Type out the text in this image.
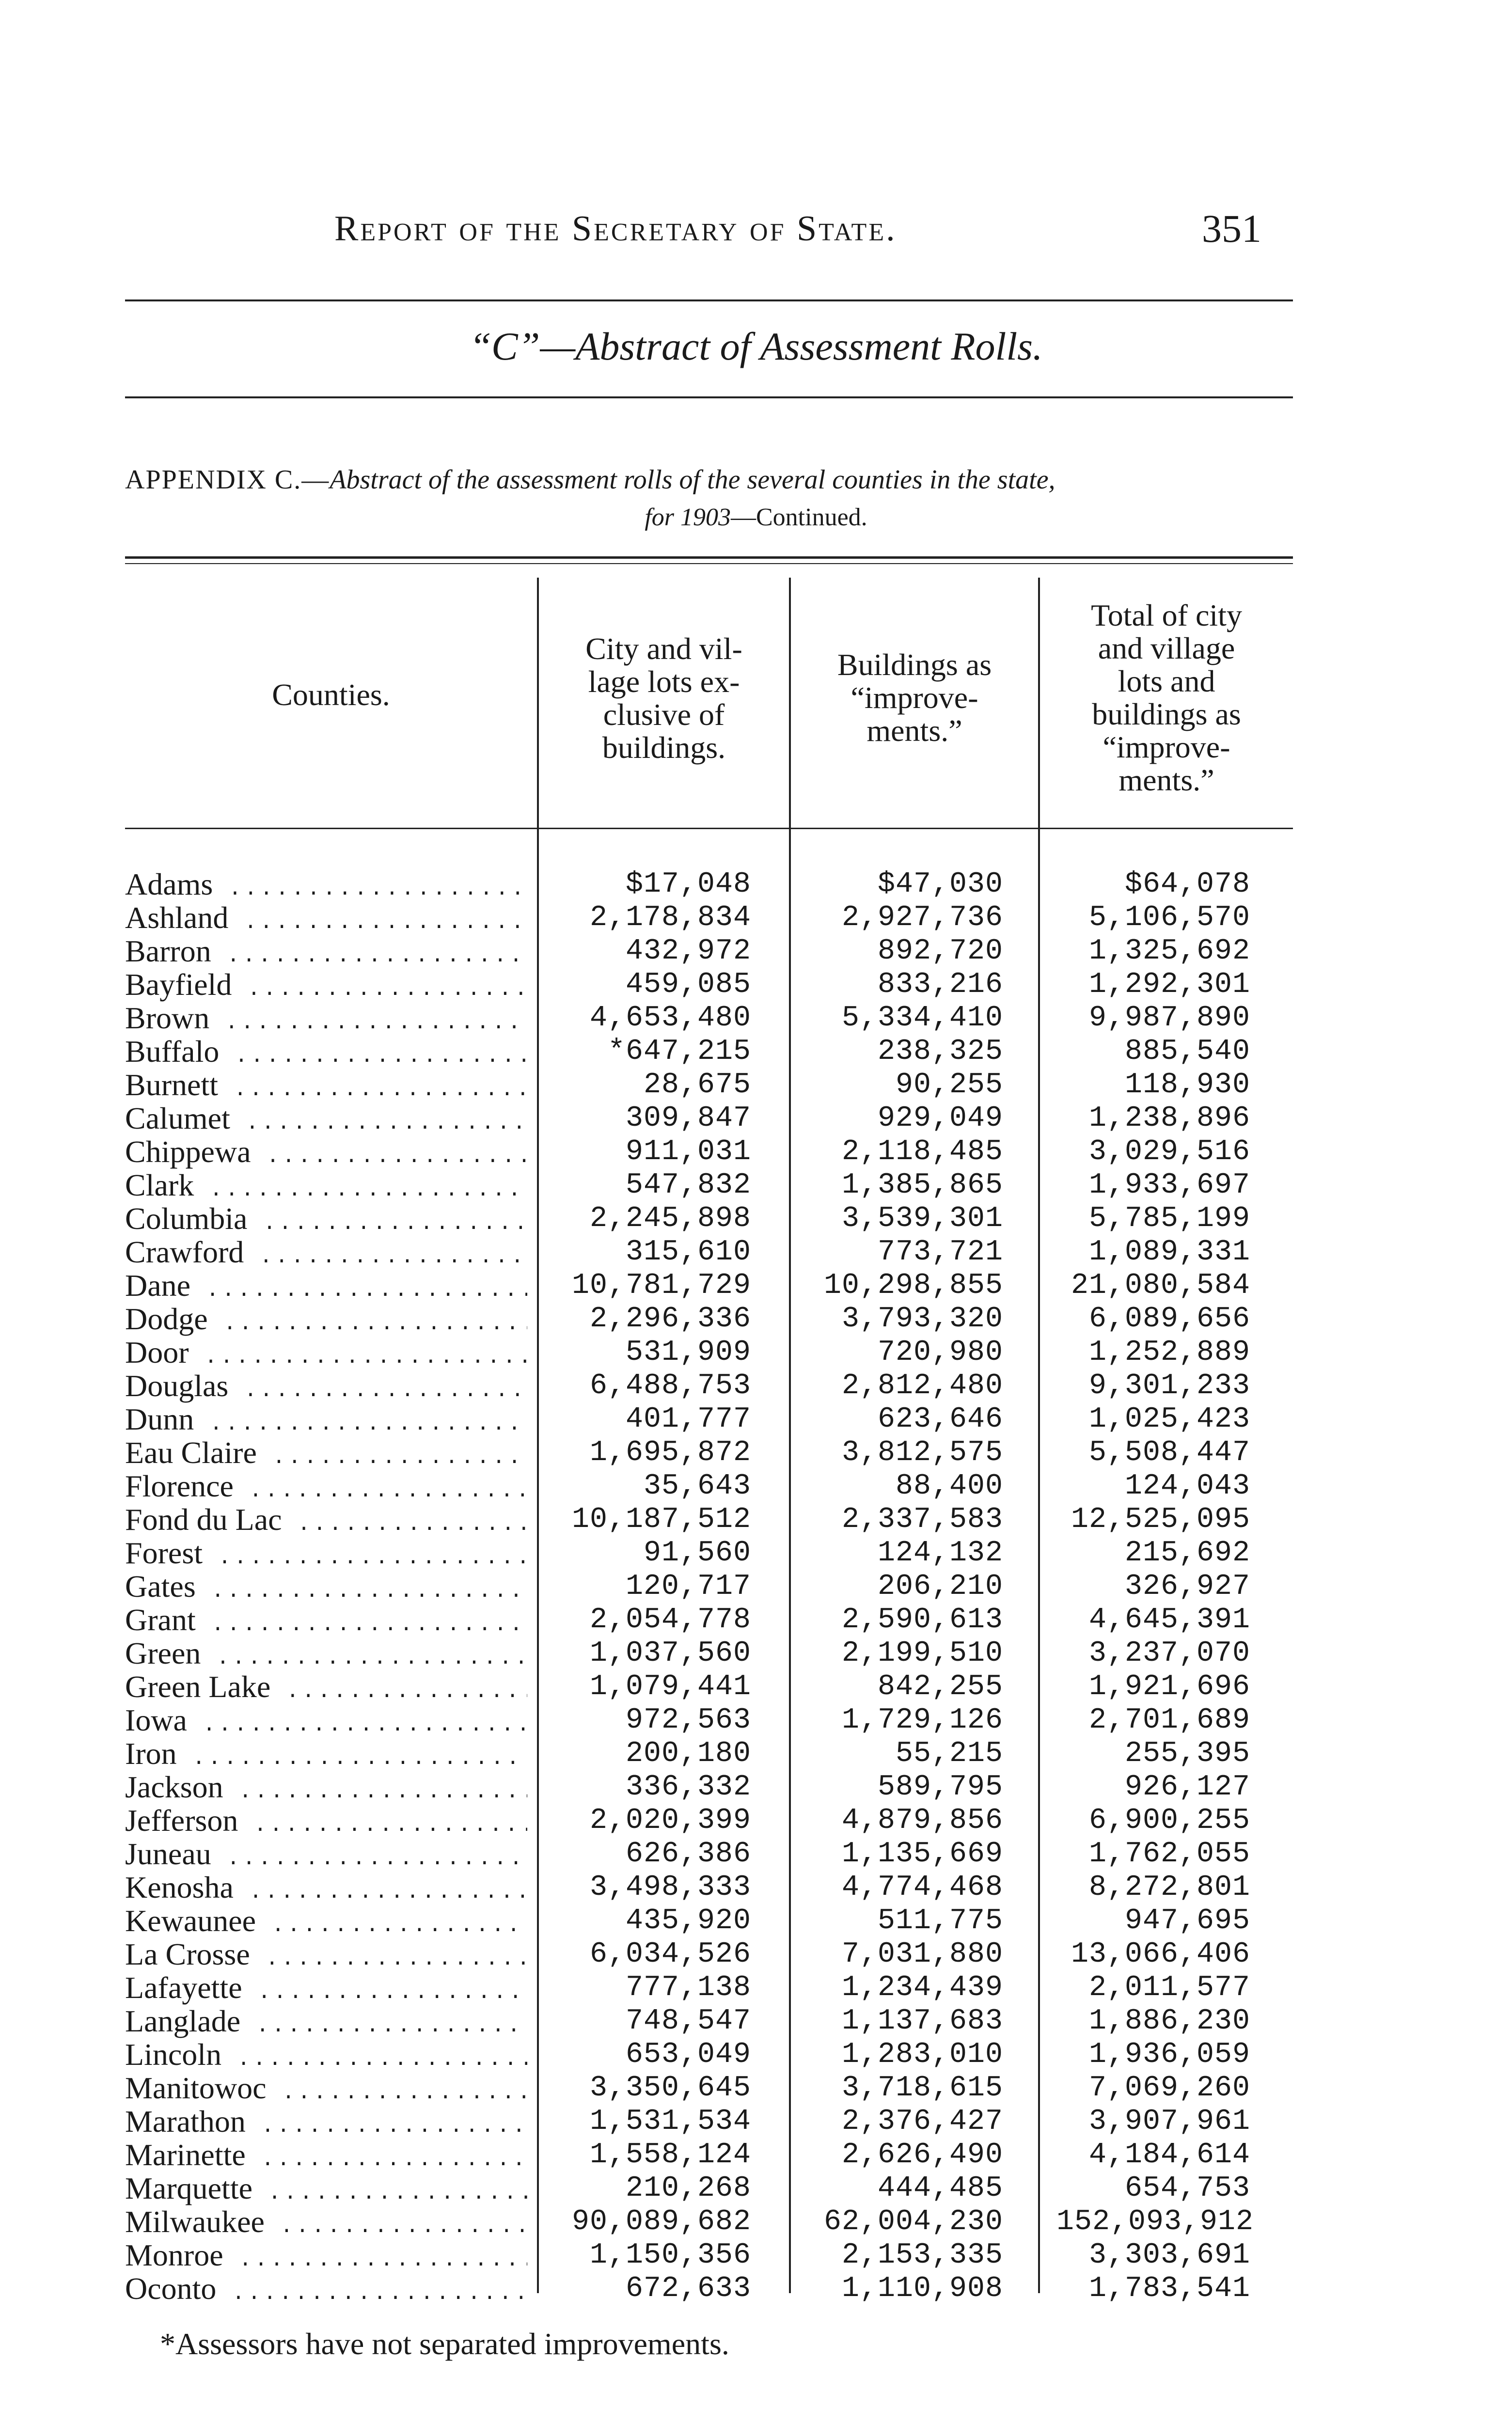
Report of the Secretary of State.	351
“C”—Abstract of Assessment Rolls.
APPENDIX C.—Abstract of the assessment rolls of the several counties in the state,
for 1903—Continued.
Counties.
City and vil-
lage lots ex-
clusive of
buildings.
Buildings as
“improve-
ments.”
Total of city
and village
lots and
buildings as
“improve-
ments.”
Adams .....	$17,048	$47,030	$64,078
Ashland .....	2,178,834	2,927,736	5,106,570
Barron .....	432,972	892,720	1,325,692
Bayfield .....	459,085	833,216	1,292,301
Brown .....	4,653,480	5,334,410	9,987,890
Buffalo .....	*647,215	238,325	885,540
Burnett .....	28,675	90,255	118,930
Calumet .....	309,847	929,049	1,238,896
Chippewa .....	911,031	2,118,485	3,029,516
Clark .....	547,832	1,385,865	1,933,697
Columbia .....	2,245,898	3,539,301	5,785,199
Crawford .....	315,610	773,721	1,089,331
Dane .....	10,781,729	10,298,855	21,080,584
Dodge .....	2,296,336	3,793,320	6,089,656
Door .....	531,909	720,980	1,252,889
Douglas .....	6,488,753	2,812,480	9,301,233
Dunn .....	401,777	623,646	1,025,423
Eau Claire .....	1,695,872	3,812,575	5,508,447
Florence .....	35,643	88,400	124,043
Fond du Lac .....	10,187,512	2,337,583	12,525,095
Forest .....	91,560	124,132	215,692
Gates .....	120,717	206,210	326,927
Grant .....	2,054,778	2,590,613	4,645,391
Green .....	1,037,560	2,199,510	3,237,070
Green Lake .....	1,079,441	842,255	1,921,696
Iowa .....	972,563	1,729,126	2,701,689
Iron .....	200,180	55,215	255,395
Jackson .....	336,332	589,795	926,127
Jefferson .....	2,020,399	4,879,856	6,900,255
Juneau .....	626,386	1,135,669	1,762,055
Kenosha .....	3,498,333	4,774,468	8,272,801
Kewaunee .....	435,920	511,775	947,695
La Crosse .....	6,034,526	7,031,880	13,066,406
Lafayette .....	777,138	1,234,439	2,011,577
Langlade .....	748,547	1,137,683	1,886,230
Lincoln .....	653,049	1,283,010	1,936,059
Manitowoc .....	3,350,645	3,718,615	7,069,260
Marathon .....	1,531,534	2,376,427	3,907,961
Marinette .....	1,558,124	2,626,490	4,184,614
Marquette .....	210,268	444,485	654,753
Milwaukee .....	90,089,682	62,004,230 152,093,912
Monroe .....	1,150,356	2,153,335	3,303,691
Oconto .....	672,633	1,110,908	1,783,541
*Assessors have not separated improvements.
